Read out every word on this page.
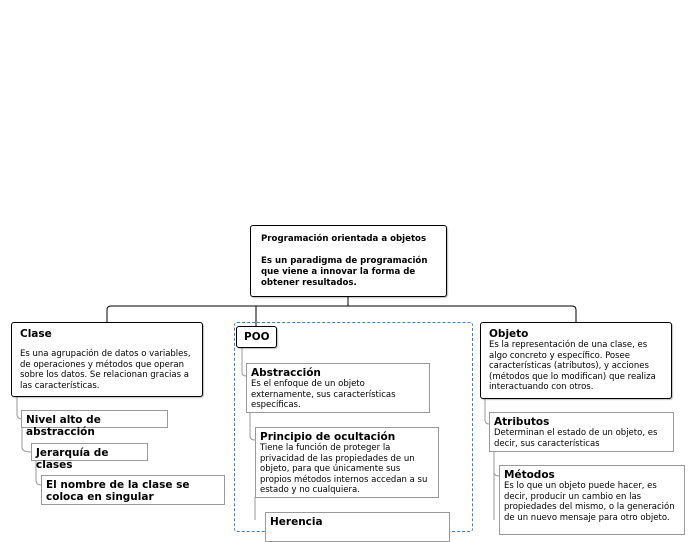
Programación orientada a objetos
Es un paradigma de programación que viene a innovar la forma de obtener resultados.
Clase
Es una agrupación de datos o variables, de operaciones y métodos que operan sobre los datos. Se relacionan gracias a las características.
Nivel alto de abstracción
Jerarquía de clases
El nombre de la clase se coloca en singular
POO
Abstracción
Es el enfoque de un objeto externamente, sus características específicas.
Principio de ocultación
Tiene la función de proteger la privacidad de las propiedades de un objeto, para que únicamente sus propios métodos internos accedan a su estado y no cualquiera.
Herencia
Objeto
Es la representación de una clase, es algo concreto y específico. Posee características (atributos), y acciones (métodos que lo modifican) que realiza interactuando con otros.
Atributos
Determinan el estado de un objeto, es decir, sus características
Métodos
Es lo que un objeto puede hacer, es decir, producir un cambio en las propiedades del mismo, o la generación de un nuevo mensaje para otro objeto.
